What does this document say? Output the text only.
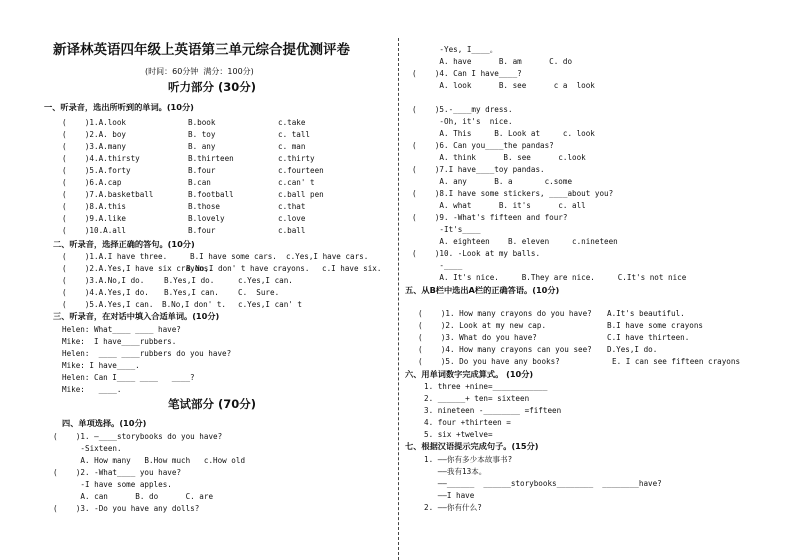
新译林英语四年级上英语第三单元综合提优测评卷
(时间：60分钟  满分：100分)
听力部分 (30分)
一、听录音，选出所听到的单词。(10分)
(    )1.A.look	B.book	c.take
(    )2.A. boy	B. toy	c. tall
(    )3.A.many	B. any	c. man
(    )4.A.thirsty	B.thirteen	c.thirty
(    )5.A.forty	B.four	c.fourteen
(    )6.A.cap	B.can	c.can' t
(    )7.A.basketball	B.football	c.ball pen
(    )8.A.this	B.those	c.that
(    )9.A.like	B.lovely	c.love
(    )10.A.all	B.four	c.ball
二、听录音，选择正确的答句。(10分)
(    )1.A.I have three.	B.I have some cars. c.Yes,I have cars.
(    )2.A.Yes,I have six crayons.
B.No,I don' t have crayons. c.I have six.
(    )3.A.No,I do.	B.Yes,I do.	c.Yes,I can.
(    )4.A.Yes,I do. B.Yes,I can.	C.  Sure.
(    )5.A.Yes,I can. B.No,I don' t. c.Yes,I can' t
三、听录音，在对话中填入合适单词。(10分)
Helen: What____ ____ have?
Mike:  I have____rubbers.
Helen:  ____ ____rubbers do you have?
Mike: I have____.
Helen: Can I____ ____   ____?
Mike:   ____.
笔试部分 (70分)
四、单项选择。(10分)
(    )1. —____storybooks do you have?
-Sixteen.
A. How many   B.How much   c.How old
(    )2. -What____ you have?
-I have some apples.
A. can      B. do      C. are
(    )3. -Do you have any dolls?
-Yes, I____。
A. have      B. am      C. do
(    )4. Can I have____?
A. look      B. see      c a  look
(    )5.-____my dress.
-Oh, it's  nice.
A. This     B. Look at     c. look
(    )6. Can you____the pandas?
A. think      B. see      c.look
(    )7.I have____toy pandas.
A. any      B. a       c.some
(    )8.I have some stickers, ____about you?
A. what      B. it's      c. all
(    )9. -What's fifteen and four?
-It's____
A. eighteen    B. eleven     c.nineteen
(    )10. -Look at my balls.
-____
A. It's nice.     B.They are nice.     C.It's not nice
五、从B栏中选出A栏的正确答语。(10分)
(    )1. How many crayons do you have? A.It's beautiful.
(    )2. Look at my new cap.	B.I have some crayons
(    )3. What do you have?	C.I have thirteen.
(    )4. How many crayons can you see? D.Yes,I do.
(    )5. Do you have any books?	E. I can see fifteen crayons
六、用单词数字完成算式。 (10分)
1. three +nine=____________
2. ______+ ten= sixteen
3. nineteen -________ =fifteen
4. four +thirteen =
5. six +twelve=
七、根据汉语提示完成句子。(15分)
1. ——你有多少本故事书?
——我有13本。
——______  ______storybooks________  ________have?
——I have
2. ——你有什么?
